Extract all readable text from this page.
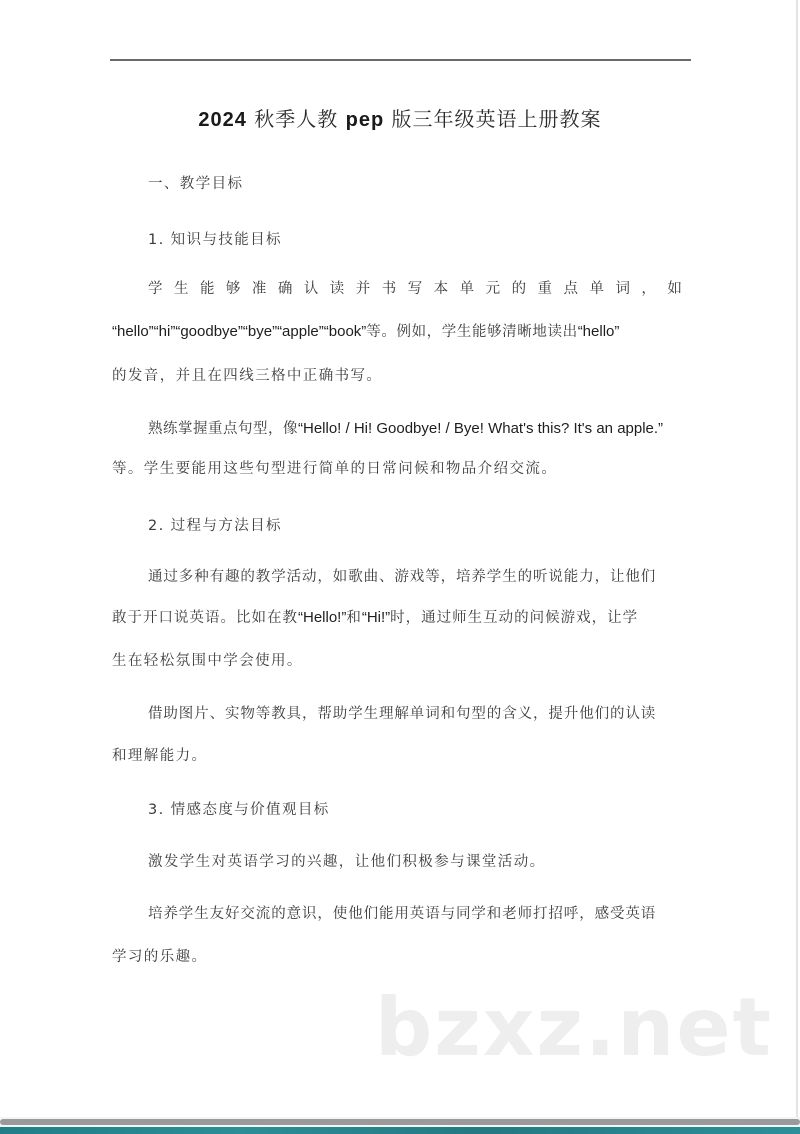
2024 秋季人教 pep 版三年级英语上册教案
一、教学目标
1. 知识与技能目标
学 生 能 够 准 确 认 读 并 书 写 本 单 元 的 重 点 单 词 ， 如
“hello”“hi”“goodbye”“bye”“apple”“book”等。例如，学生能够清晰地读出“hello”
的发音，并且在四线三格中正确书写。
熟练掌握重点句型，像“Hello! / Hi! Goodbye! / Bye! What's this? It's an apple.”
等。学生要能用这些句型进行简单的日常问候和物品介绍交流。
2. 过程与方法目标
通过多种有趣的教学活动，如歌曲、游戏等，培养学生的听说能力，让他们
敢于开口说英语。比如在教“Hello!”和“Hi!”时，通过师生互动的问候游戏，让学
生在轻松氛围中学会使用。
借助图片、实物等教具，帮助学生理解单词和句型的含义，提升他们的认读
和理解能力。
3. 情感态度与价值观目标
激发学生对英语学习的兴趣，让他们积极参与课堂活动。
培养学生友好交流的意识，使他们能用英语与同学和老师打招呼，感受英语
学习的乐趣。
bzxz.net
